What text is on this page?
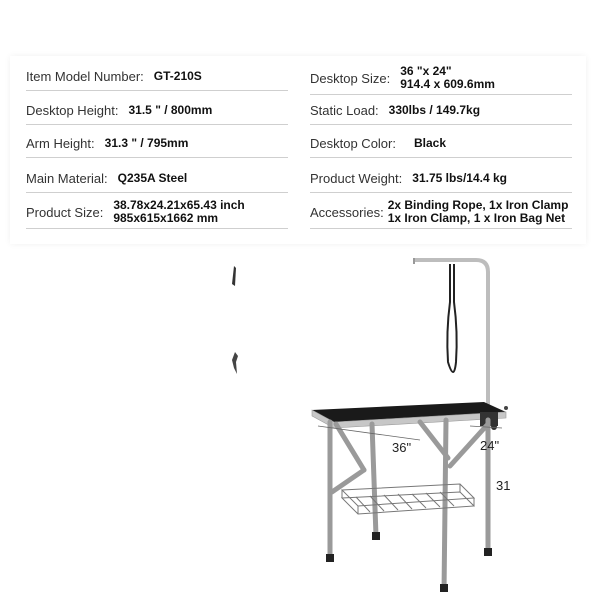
Item Model Number: GT-210S
Desktop Height: 31.5 " / 800mm
Arm Height: 31.3 " / 795mm
Main Material: Q235A Steel
Product Size: 38.78x24.21x65.43 inch
985x615x1662 mm
Desktop Size: 36 "x 24"
914.4 x 609.6mm
Static Load: 330lbs / 149.7kg
Desktop Color: Black
Product Weight: 31.75 lbs/14.4 kg
Accessories: 2x Binding Rope, 1x Iron Clamp
1x Iron Clamp, 1 x Iron Bag Net
36"	24"
31
